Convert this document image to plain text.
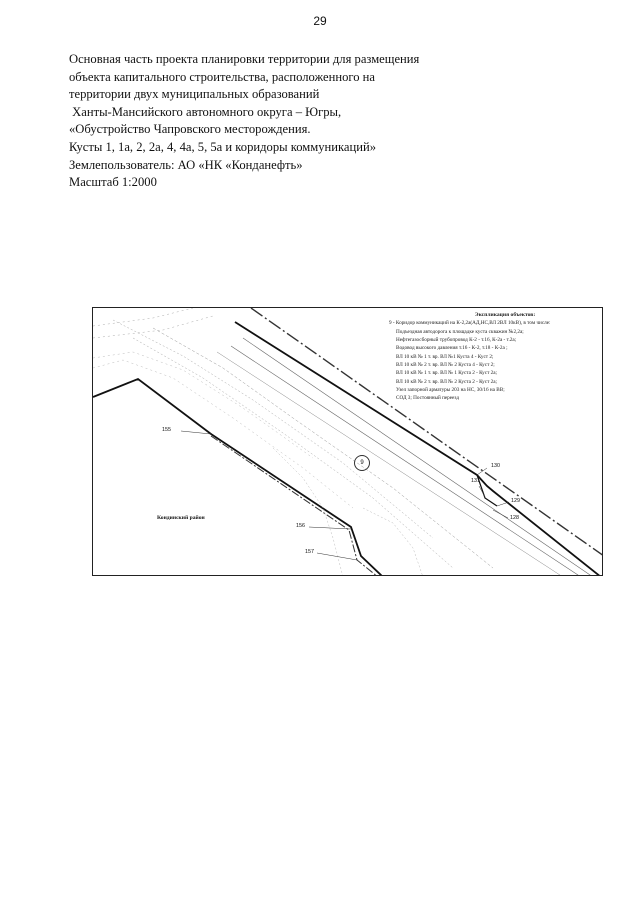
29
Основная часть проекта планировки территории для размещения
объекта капитального строительства, расположенного на
территории двух муниципальных образований
Ханты-Мансийского автономного округа – Югры,
«Обустройство Чапровского месторождения.
Кусты 1, 1а, 2, 2а, 4, 4а, 5, 5а и коридоры коммуникаций»
Землепользователь: АО «НК «Конданефть»
Масштаб 1:2000
Экспликация объектов:
9 - Коридор коммуникаций на К-2,2а(АД,НС,ВЛ 2ВЛ 10кВ), в том числе:
Подъездная автодорога к площадке куста скважин №2,2а;
Нефтегазосборный трубопровод К-2 - т.16, К-2а - т.2а;
Водовод высокого давления т.16 - К-2, т.18 - К-2а ;
ВЛ 10 кВ № 1 т. вр. ВЛ №1 Куста 4 - Куст 2;
ВЛ 10 кВ № 2 т. вр. ВЛ № 2 Куста 4 - Куст 2;
ВЛ 10 кВ № 1 т. вр. ВЛ № 1 Куста 2 - Куст 2а;
ВЛ 10 кВ № 2 т. вр. ВЛ № 2 Куста 2 - Куст 2а;
Узел запорной арматуры 203 на НС, 30/16 на ВВ;
СОД 3; Постоянный переезд
9
Кондинский район
155
156
157
130
131
129
128
